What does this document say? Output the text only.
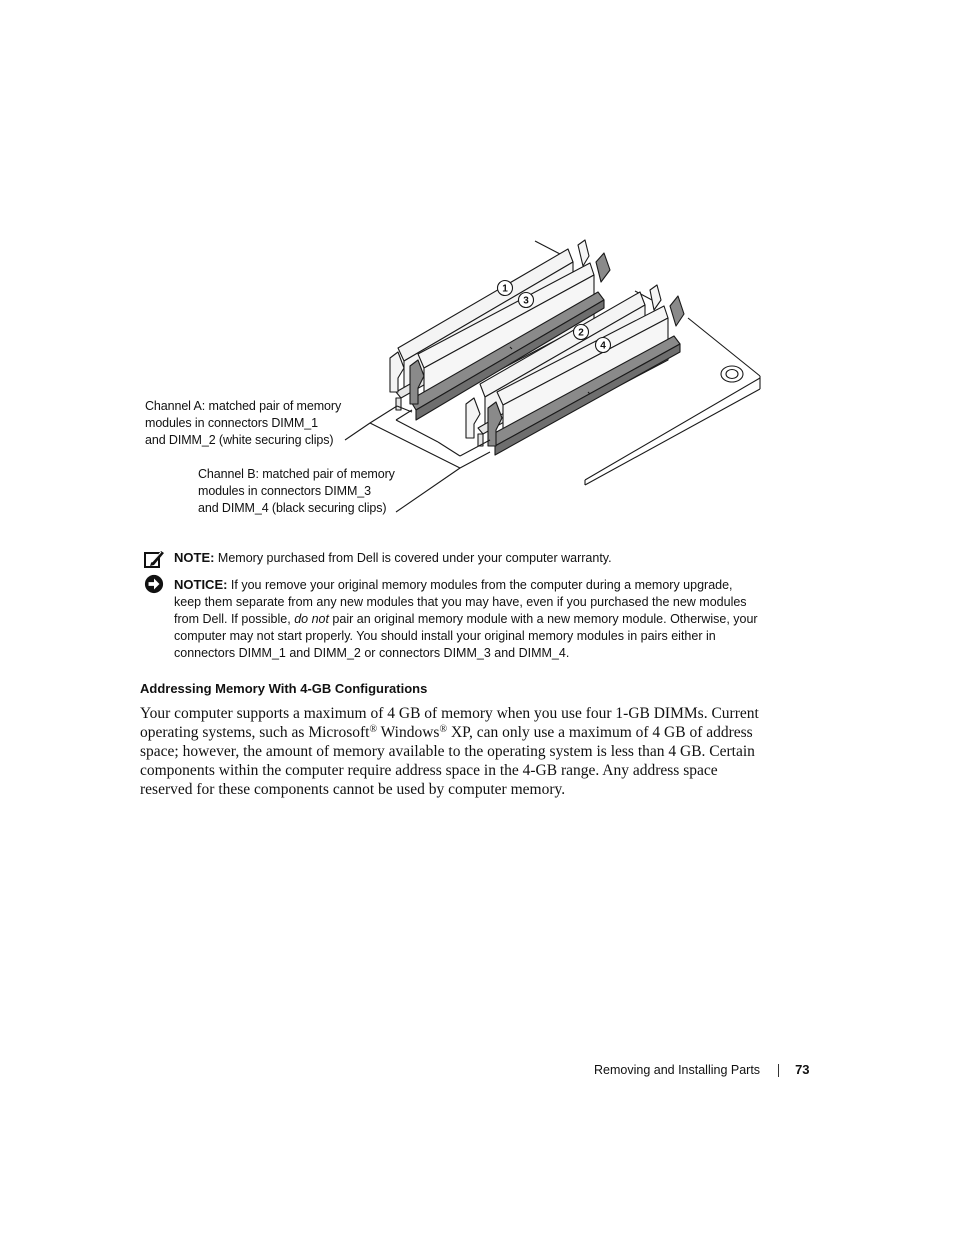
1
3
2
4
Channel A: matched pair of memory
modules in connectors DIMM_1
and DIMM_2 (white securing clips)
Channel B: matched pair of memory
modules in connectors DIMM_3
and DIMM_4 (black securing clips)
NOTE: Memory purchased from Dell is covered under your computer warranty.
NOTICE: If you remove your original memory modules from the computer during a memory upgrade,
keep them separate from any new modules that you may have, even if you purchased the new modules
from Dell. If possible, do not pair an original memory module with a new memory module. Otherwise, your
computer may not start properly. You should install your original memory modules in pairs either in
connectors DIMM_1 and DIMM_2 or connectors DIMM_3 and DIMM_4.
Addressing Memory With 4-GB Configurations
Your computer supports a maximum of 4 GB of memory when you use four 1-GB DIMMs. Current
operating systems, such as Microsoft® Windows® XP, can only use a maximum of 4 GB of address
space; however, the amount of memory available to the operating system is less than 4 GB. Certain
components within the computer require address space in the 4-GB range. Any address space
reserved for these components cannot be used by computer memory.
Removing and Installing Parts	73
